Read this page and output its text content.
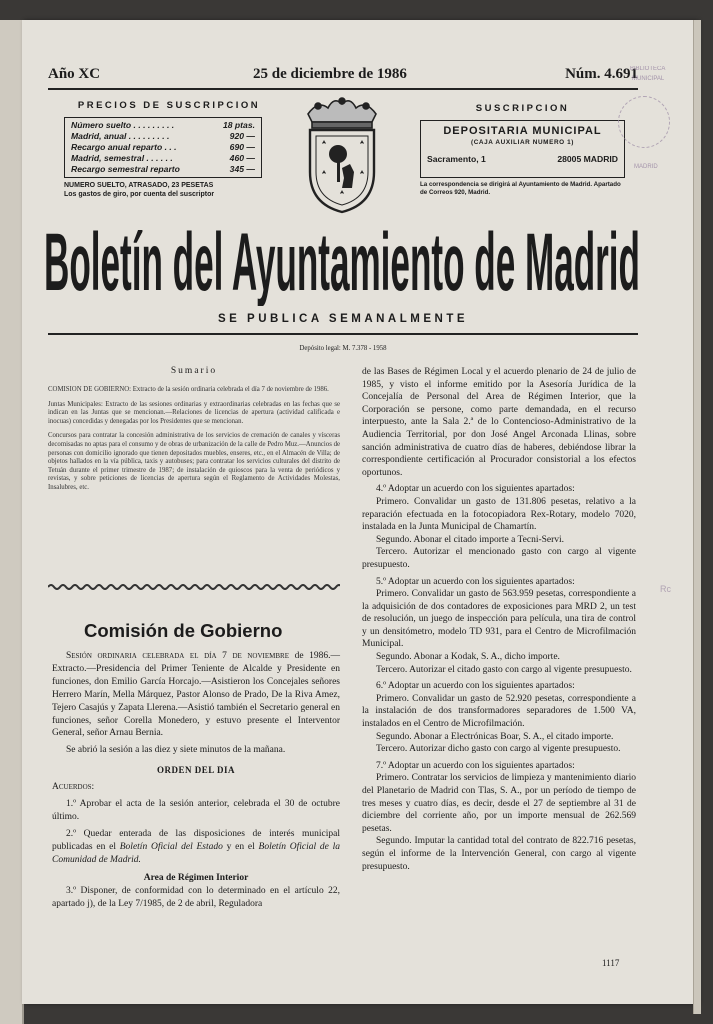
Año XC	25 de diciembre de 1986	Núm. 4.691
PRECIOS DE SUSCRIPCION
Número suelto . . . . . . . . .	18 ptas.
Madrid, anual . . . . . . . . .	920 —
Recargo anual reparto . . .	690 —
Madrid, semestral . . . . . .	460 —
Recargo semestral reparto	345 —
NUMERO SUELTO, ATRASADO, 23 PESETAS
Los gastos de giro, por cuenta del suscriptor
SUSCRIPCION
DEPOSITARIA MUNICIPAL
(CAJA AUXILIAR NUMERO 1)
Sacramento, 1	28005 MADRID
La correspondencia se dirigirá al Ayuntamiento de Madrid. Apartado de Correos 920, Madrid.
BIBLIOTECA
MUNICIPAL
MADRID
Boletín del Ayuntamiento de Madrid
SE PUBLICA SEMANALMENTE
Depósito legal: M. 7.378 - 1958
Sumario

COMISION DE GOBIERNO: Extracto de la sesión ordinaria celebrada el día 7 de noviembre de 1986.

Juntas Municipales: Extracto de las sesiones ordinarias y extraordinarias celebradas en las fechas que se indican en las Juntas que se mencionan.—Relaciones de licencias de apertura (actividad calificada e inocuas) concedidas y denegadas por los Presidentes que se mencionan.

Concursos para contratar la concesión administrativa de los servicios de cremación de canales y vísceras decomisadas no aptas para el consumo y de obras de urbanización de la calle de Pedro Muz.—Anuncios de personas con domicilio ignorado que tienen depositados muebles, enseres, etc., en el Almacén de Villa; de objetos hallados en la vía pública, taxis y autobuses; para contratar los servicios culturales del distrito de Tetuán durante el primer trimestre de 1987; de instalación de quioscos para la venta de periódicos y revistas, y sobre peticiones de licencias de apertura según el Reglamento de Actividades Molestas, Insalubres, etc.

Comisión de Gobierno

Sesión ordinaria celebrada el día 7 de noviembre de 1986.—Extracto.—Presidencia del Primer Teniente de Alcalde y Presidente en funciones, don Emilio García Horcajo.—Asistieron los Concejales señores Herrero Marín, Mella Márquez, Pastor Alonso de Prado, De la Riva Amez, Tejero Casajús y Zapata Llerena.—Asistió también el Secretario general en funciones, señor Corella Monedero, y estuvo presente el Interventor General, señor Arnau Bernia.

Se abrió la sesión a las diez y siete minutos de la mañana.

ORDEN DEL DIA

Acuerdos:

1.º Aprobar el acta de la sesión anterior, celebrada el 30 de octubre último.

2.º Quedar enterada de las disposiciones de interés municipal publicadas en el Boletín Oficial del Estado y en el Boletín Oficial de la Comunidad de Madrid.

Area de Régimen Interior

3.º Disponer, de conformidad con lo determinado en el artículo 22, apartado j), de la Ley 7/1985, de 2 de abril, Reguladora

de las Bases de Régimen Local y el acuerdo plenario de 24 de julio de 1985, y visto el informe emitido por la Asesoría Jurídica de la Concejalía de Personal del Area de Régimen Interior, que la Corporación se persone, como parte demandada, en el recurso interpuesto, ante la Sala 2.ª de lo Contencioso-Administrativo de la Audiencia Territorial, por don José Angel Arconada Llinas, sobre sanción administrativa de cuatro días de haberes, debiéndose librar la correspondiente certificación al Procurador consistorial a los efectos oportunos.

4.º Adoptar un acuerdo con los siguientes apartados:

Primero. Convalidar un gasto de 131.806 pesetas, relativo a la reparación efectuada en la fotocopiadora Rex-Rotary, modelo 7020, instalada en la Junta Municipal de Chamartín.

Segundo. Abonar el citado importe a Tecni-Servi.

Tercero. Autorizar el mencionado gasto con cargo al vigente presupuesto.

5.º Adoptar un acuerdo con los siguientes apartados:

Primero. Convalidar un gasto de 563.959 pesetas, correspondiente a la adquisición de dos contadores de exposiciones para MRD 2, un test de resolución, un juego de inspección para película, una tira de control y un densitómetro, modelo TD 931, para el Centro de Microfilmación Municipal.

Segundo. Abonar a Kodak, S. A., dicho importe.

Tercero. Autorizar el citado gasto con cargo al vigente presupuesto.

6.º Adoptar un acuerdo con los siguientes apartados:

Primero. Convalidar un gasto de 52.920 pesetas, correspondiente a la instalación de dos transformadores separadores de 1.500 VA, instalados en el Centro de Microfilmación.

Segundo. Abonar a Electrónicas Boar, S. A., el citado importe.

Tercero. Autorizar dicho gasto con cargo al vigente presupuesto.

7.º Adoptar un acuerdo con los siguientes apartados:

Primero. Contratar los servicios de limpieza y mantenimiento diario del Planetario de Madrid con Tlas, S. A., por un período de tiempo de tres meses y cuatro días, es decir, desde el 27 de septiembre al 31 de diciembre del corriente año, por un importe mensual de 262.569 pesetas.

Segundo. Imputar la cantidad total del contrato de 822.716 pesetas, según el informe de la Intervención General, con cargo al vigente presupuesto.

Rc
1117
